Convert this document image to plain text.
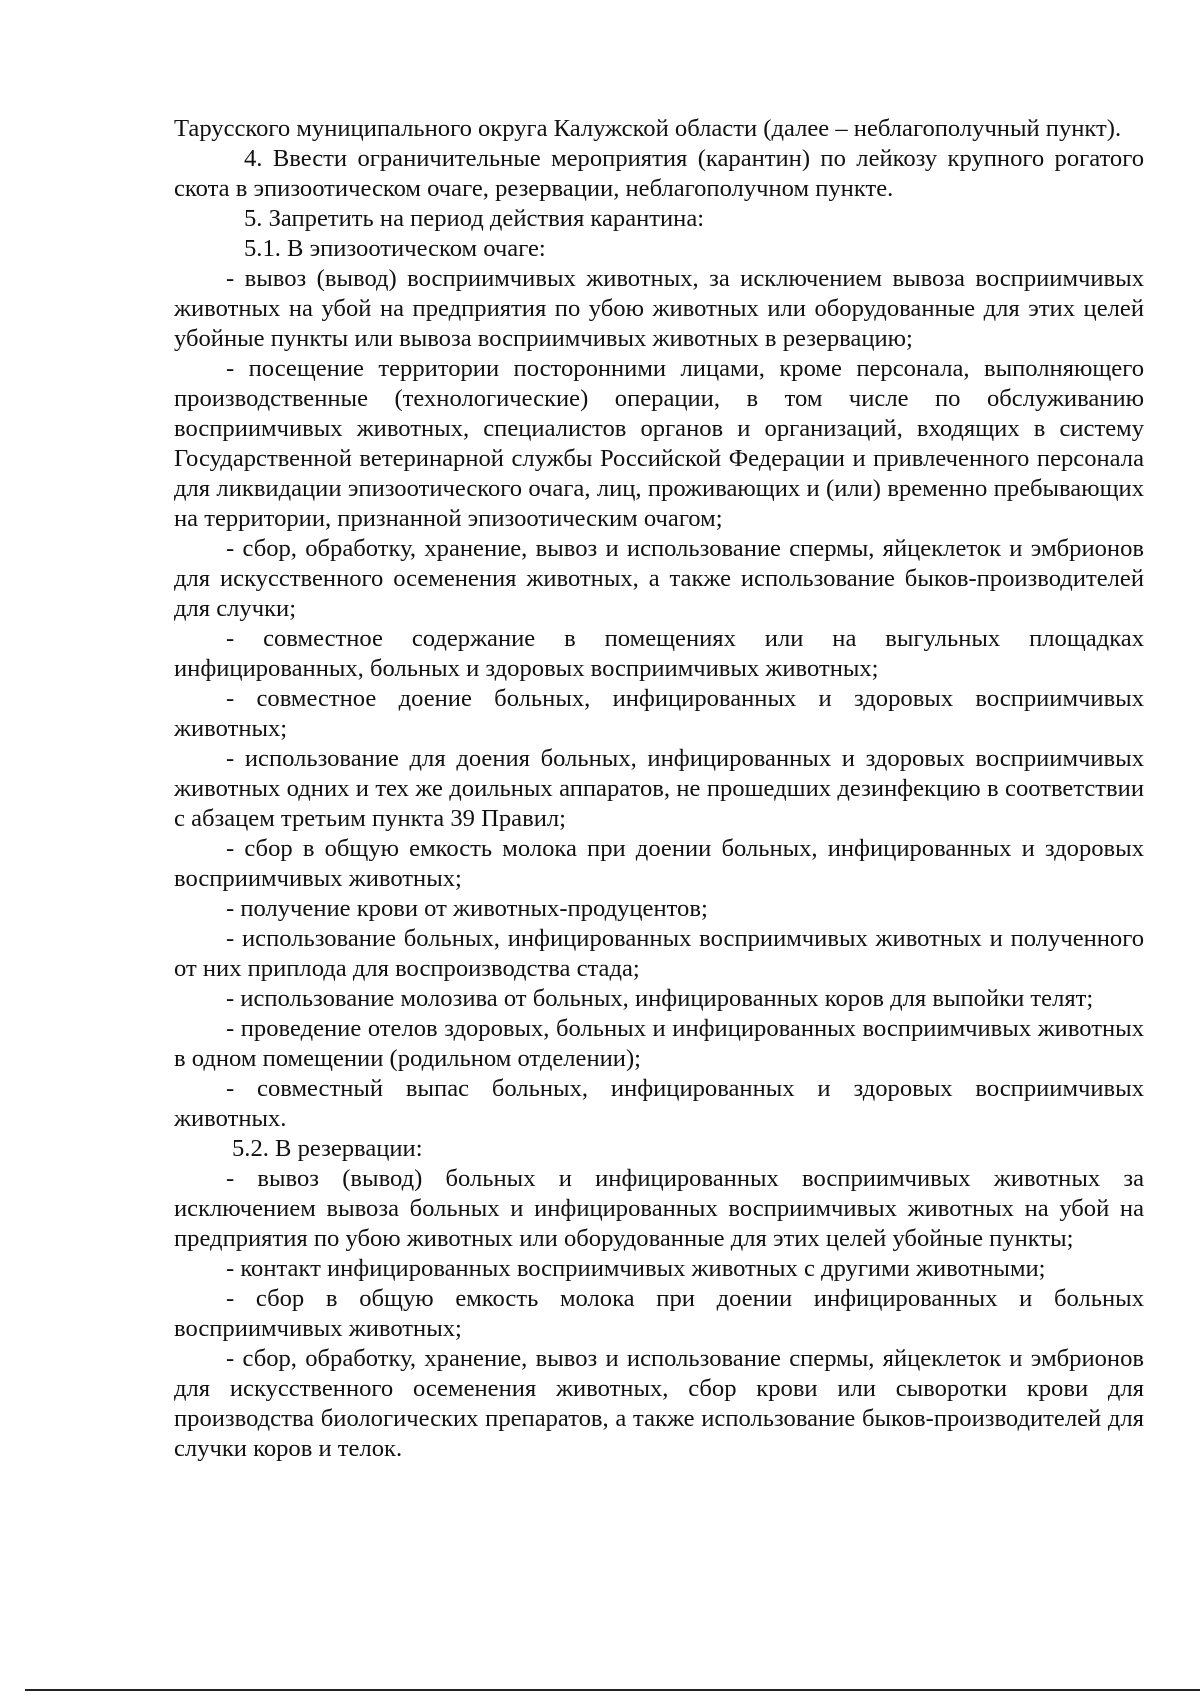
Тарусского муниципального округа Калужской области (далее – неблагополучный пункт).

4. Ввести ограничительные мероприятия (карантин) по лейкозу крупного рогатого скота в эпизоотическом очаге, резервации, неблагополучном пункте.

5. Запретить на период действия карантина:

5.1. В эпизоотическом очаге:

- вывоз (вывод) восприимчивых животных, за исключением вывоза восприимчивых животных на убой на предприятия по убою животных или оборудованные для этих целей убойные пункты или вывоза восприимчивых животных в резервацию;

- посещение территории посторонними лицами, кроме персонала, выполняющего производственные (технологические) операции, в том числе по обслуживанию восприимчивых животных, специалистов органов и организаций, входящих в систему Государственной ветеринарной службы Российской Федерации и привлеченного персонала для ликвидации эпизоотического очага, лиц, проживающих и (или) временно пребывающих на территории, признанной эпизоотическим очагом;

- сбор, обработку, хранение, вывоз и использование спермы, яйцеклеток и эмбрионов для искусственного осеменения животных, а также использование быков-производителей для случки;

- совместное содержание в помещениях или на выгульных площадках инфицированных, больных и здоровых восприимчивых животных;

- совместное доение больных, инфицированных и здоровых восприимчивых животных;

- использование для доения больных, инфицированных и здоровых восприимчивых животных одних и тех же доильных аппаратов, не прошедших дезинфекцию в соответствии с абзацем третьим пункта 39 Правил;

- сбор в общую емкость молока при доении больных, инфицированных и здоровых восприимчивых животных;

- получение крови от животных-продуцентов;

- использование больных, инфицированных восприимчивых животных и полученного от них приплода для воспроизводства стада;

- использование молозива от больных, инфицированных коров для выпойки телят;

- проведение отелов здоровых, больных и инфицированных восприимчивых животных в одном помещении (родильном отделении);

- совместный выпас больных, инфицированных и здоровых восприимчивых животных.

5.2. В резервации:

- вывоз (вывод) больных и инфицированных восприимчивых животных за исключением вывоза больных и инфицированных восприимчивых животных на убой на предприятия по убою животных или оборудованные для этих целей убойные пункты;

- контакт инфицированных восприимчивых животных с другими животными;

- сбор в общую емкость молока при доении инфицированных и больных восприимчивых животных;

- сбор, обработку, хранение, вывоз и использование спермы, яйцеклеток и эмбрионов для искусственного осеменения животных, сбор крови или сыворотки крови для производства биологических препаратов, а также использование быков-производителей для случки коров и телок.
